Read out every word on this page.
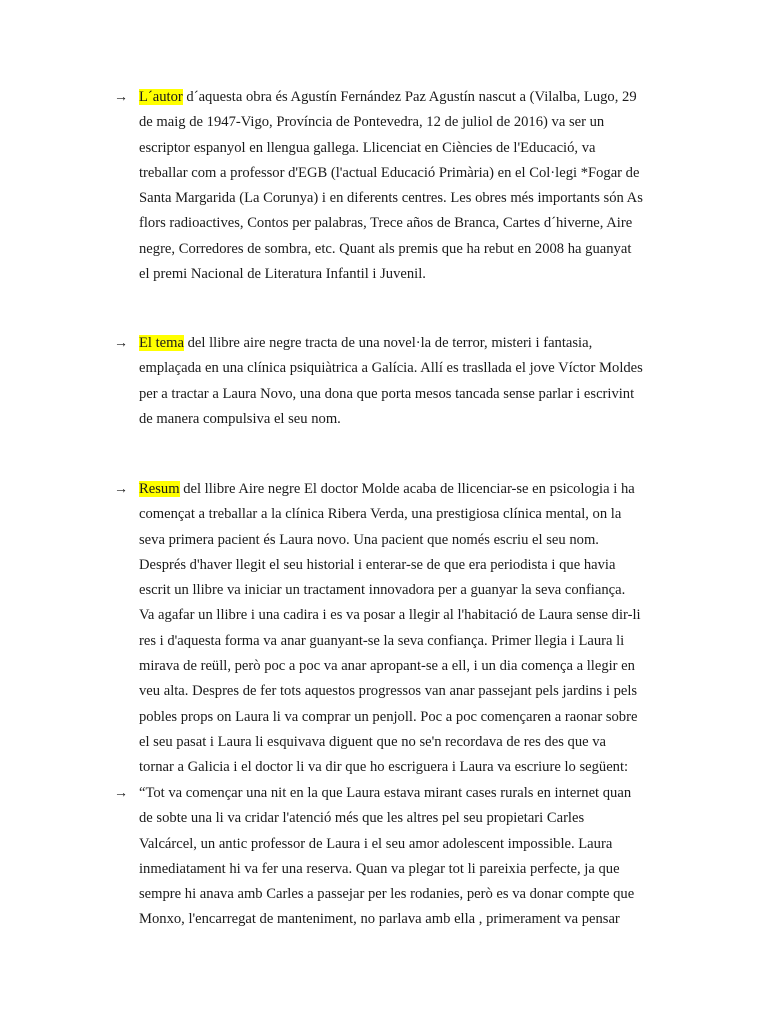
→ L´autor d´aquesta obra és Agustín Fernández Paz Agustín nascut a (Vilalba, Lugo, 29
de maig de 1947-Vigo, Província de Pontevedra, 12 de juliol de 2016) va ser un
escriptor espanyol en llengua gallega. Llicenciat en Ciències de l'Educació, va
treballar com a professor d'EGB (l'actual Educació Primària) en el Col·legi *Fogar de
Santa Margarida (La Corunya) i en diferents centres. Les obres més importants són As
flors radioactives, Contos per palabras, Trece años de Branca, Cartes d´hiverne, Aire
negre, Corredores de sombra, etc. Quant als premis que ha rebut en 2008 ha guanyat
el premi Nacional de Literatura Infantil i Juvenil.
→ El tema del llibre aire negre tracta de una novel·la de terror, misteri i fantasia,
emplaçada en una clínica psiquiàtrica a Galícia. Allí es trasllada el jove Víctor Moldes
per a tractar a Laura Novo, una dona que porta mesos tancada sense parlar i escrivint
de manera compulsiva el seu nom.
→ Resum del llibre Aire negre El doctor Molde acaba de llicenciar-se en psicologia i ha
començat a treballar a la clínica Ribera Verda, una prestigiosa clínica mental, on la
seva primera pacient és Laura novo. Una pacient que només escriu el seu nom.
Després d'haver llegit el seu historial i enterar-se de que era periodista i que havia
escrit un llibre va iniciar un tractament innovadora per a guanyar la seva confiança.
Va agafar un llibre i una cadira i es va posar a llegir al l'habitació de Laura sense dir-li
res i d'aquesta forma va anar guanyant-se la seva confiança. Primer llegia i Laura li
mirava de reüll, però poc a poc va anar apropant-se a ell, i un dia comença a llegir en
veu alta. Despres de fer tots aquestos progressos van anar passejant pels jardins i pels
pobles props on Laura li va comprar un penjoll. Poc a poc començaren a raonar sobre
el seu pasat i Laura li esquivava diguent que no se'n recordava de res des que va
tornar a Galicia i el doctor li va dir que ho escriguera i Laura va escriure lo següent:
→ “Tot va començar una nit en la que Laura estava mirant cases rurals en internet quan
de sobte una li va cridar l'atenció més que les altres pel seu propietari Carles
Valcárcel, un antic professor de Laura i el seu amor adolescent impossible. Laura
inmediatament hi va fer una reserva. Quan va plegar tot li pareixia perfecte, ja que
sempre hi anava amb Carles a passejar per les rodanies, però es va donar compte que
Monxo, l'encarregat de manteniment, no parlava amb ella , primerament va pensar
